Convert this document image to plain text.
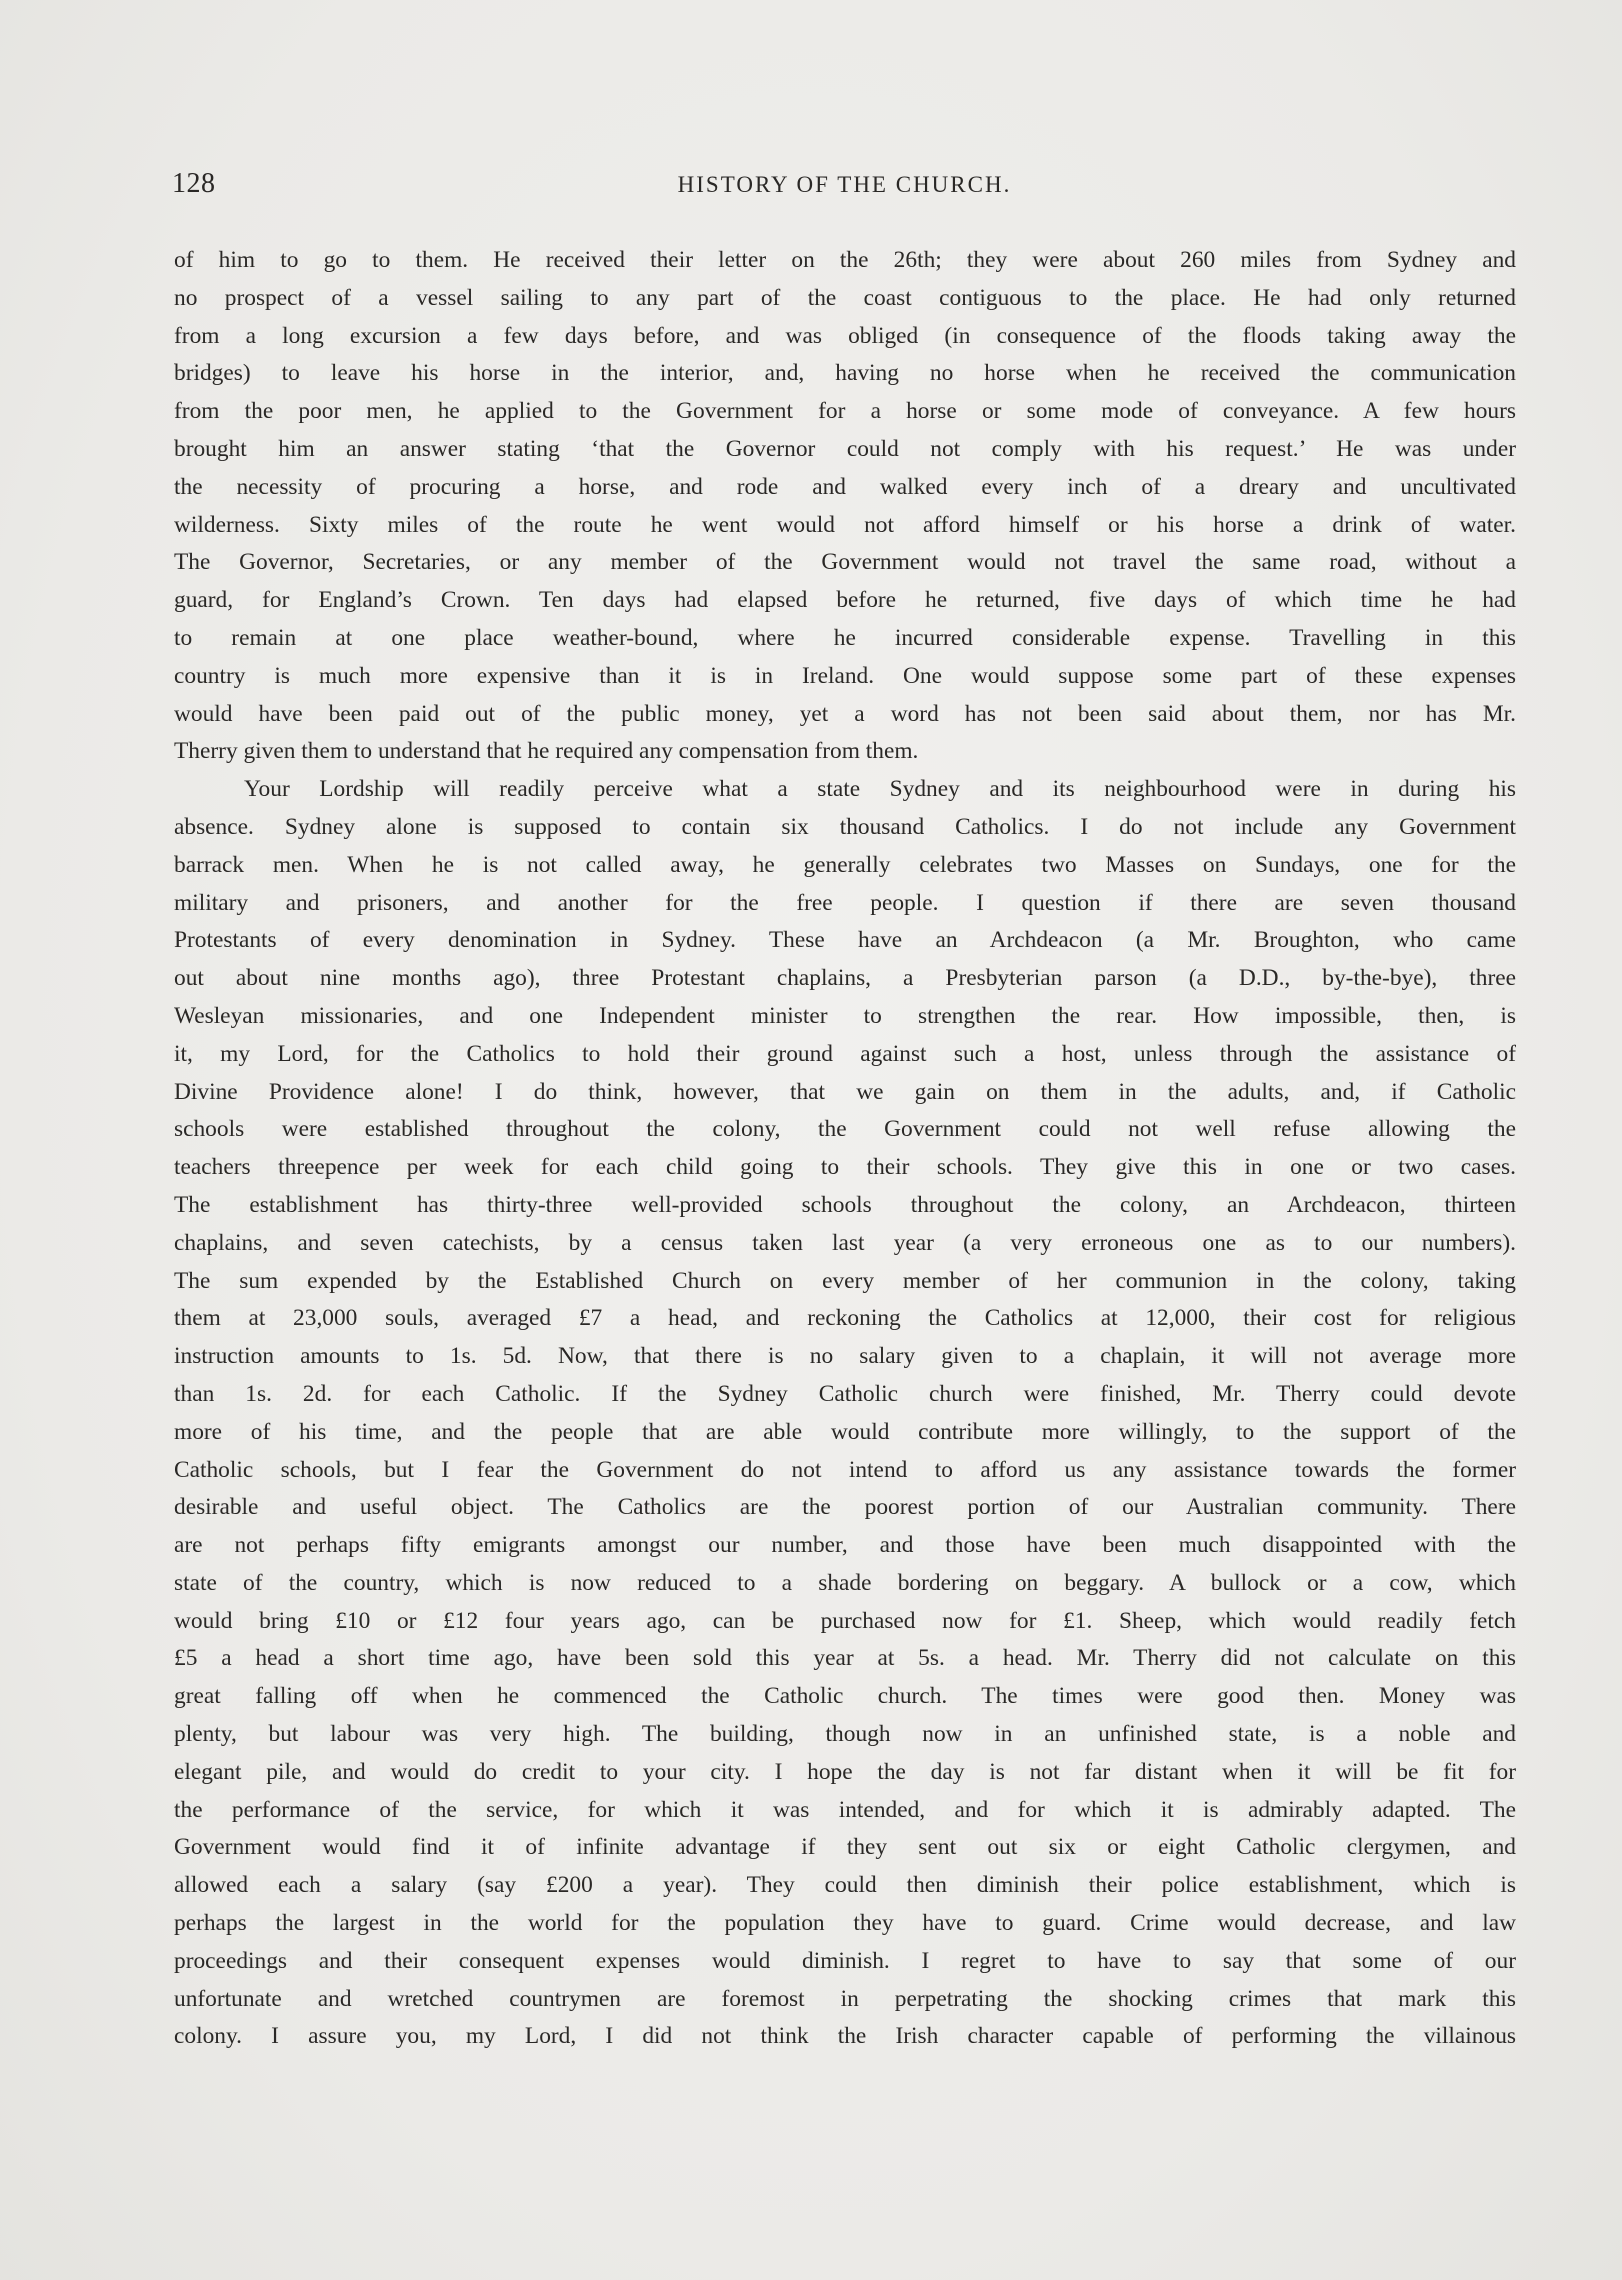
128	HISTORY OF THE CHURCH.
of him to go to them. He received their letter on the 26th; they were about 260 miles from Sydney and
no prospect of a vessel sailing to any part of the coast contiguous to the place. He had only returned
from a long excursion a few days before, and was obliged (in consequence of the floods taking away the
bridges) to leave his horse in the interior, and, having no horse when he received the communication
from the poor men, he applied to the Government for a horse or some mode of conveyance. A few hours
brought him an answer stating ‘that the Governor could not comply with his request.’ He was under
the necessity of procuring a horse, and rode and walked every inch of a dreary and uncultivated
wilderness. Sixty miles of the route he went would not afford himself or his horse a drink of water.
The Governor, Secretaries, or any member of the Government would not travel the same road, without a
guard, for England’s Crown. Ten days had elapsed before he returned, five days of which time he had
to remain at one place weather-bound, where he incurred considerable expense. Travelling in this
country is much more expensive than it is in Ireland. One would suppose some part of these expenses
would have been paid out of the public money, yet a word has not been said about them, nor has Mr.
Therry given them to understand that he required any compensation from them.
Your Lordship will readily perceive what a state Sydney and its neighbourhood were in during his
absence. Sydney alone is supposed to contain six thousand Catholics. I do not include any Government
barrack men. When he is not called away, he generally celebrates two Masses on Sundays, one for the
military and prisoners, and another for the free people. I question if there are seven thousand
Protestants of every denomination in Sydney. These have an Archdeacon (a Mr. Broughton, who came
out about nine months ago), three Protestant chaplains, a Presbyterian parson (a D.D., by-the-bye), three
Wesleyan missionaries, and one Independent minister to strengthen the rear. How impossible, then, is
it, my Lord, for the Catholics to hold their ground against such a host, unless through the assistance of
Divine Providence alone! I do think, however, that we gain on them in the adults, and, if Catholic
schools were established throughout the colony, the Government could not well refuse allowing the
teachers threepence per week for each child going to their schools. They give this in one or two cases.
The establishment has thirty-three well-provided schools throughout the colony, an Archdeacon, thirteen
chaplains, and seven catechists, by a census taken last year (a very erroneous one as to our numbers).
The sum expended by the Established Church on every member of her communion in the colony, taking
them at 23,000 souls, averaged £7 a head, and reckoning the Catholics at 12,000, their cost for religious
instruction amounts to 1s. 5d. Now, that there is no salary given to a chaplain, it will not average more
than 1s. 2d. for each Catholic. If the Sydney Catholic church were finished, Mr. Therry could devote
more of his time, and the people that are able would contribute more willingly, to the support of the
Catholic schools, but I fear the Government do not intend to afford us any assistance towards the former
desirable and useful object. The Catholics are the poorest portion of our Australian community. There
are not perhaps fifty emigrants amongst our number, and those have been much disappointed with the
state of the country, which is now reduced to a shade bordering on beggary. A bullock or a cow, which
would bring £10 or £12 four years ago, can be purchased now for £1. Sheep, which would readily fetch
£5 a head a short time ago, have been sold this year at 5s. a head. Mr. Therry did not calculate on this
great falling off when he commenced the Catholic church. The times were good then. Money was
plenty, but labour was very high. The building, though now in an unfinished state, is a noble and
elegant pile, and would do credit to your city. I hope the day is not far distant when it will be fit for
the performance of the service, for which it was intended, and for which it is admirably adapted. The
Government would find it of infinite advantage if they sent out six or eight Catholic clergymen, and
allowed each a salary (say £200 a year). They could then diminish their police establishment, which is
perhaps the largest in the world for the population they have to guard. Crime would decrease, and law
proceedings and their consequent expenses would diminish. I regret to have to say that some of our
unfortunate and wretched countrymen are foremost in perpetrating the shocking crimes that mark this
colony. I assure you, my Lord, I did not think the Irish character capable of performing the villainous
